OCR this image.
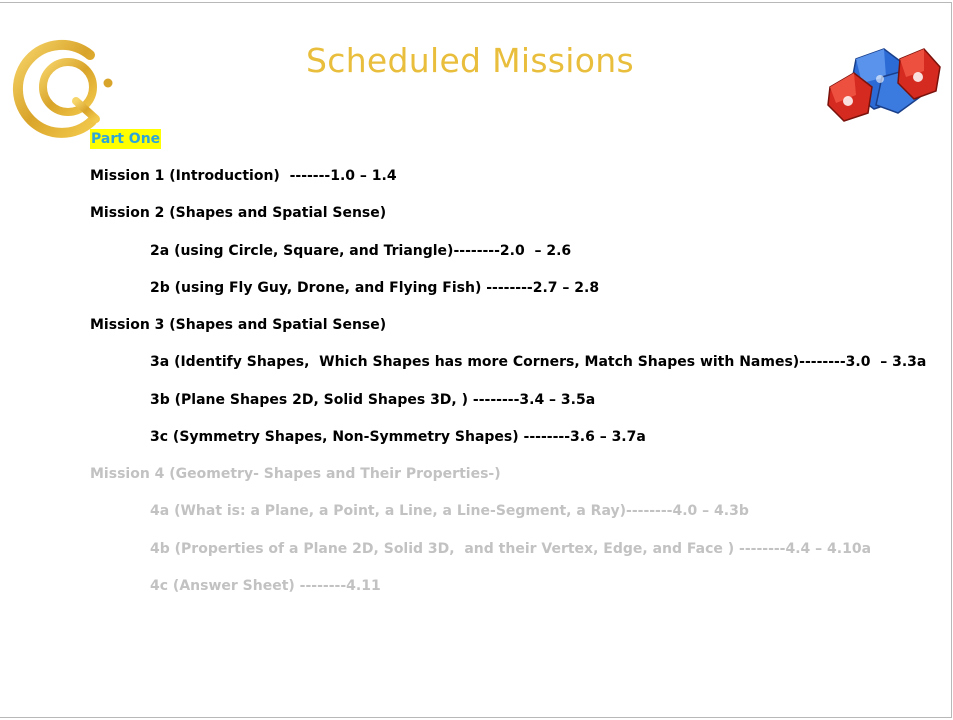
Scheduled Missions
Part One
Mission 1 (Introduction)  -------1.0 – 1.4
Mission 2 (Shapes and Spatial Sense)
2a (using Circle, Square, and Triangle)--------2.0  – 2.6
2b (using Fly Guy, Drone, and Flying Fish) --------2.7 – 2.8
Mission 3 (Shapes and Spatial Sense)
3a (Identify Shapes,  Which Shapes has more Corners, Match Shapes with Names)--------3.0  – 3.3a
3b (Plane Shapes 2D, Solid Shapes 3D, ) --------3.4 – 3.5a
3c (Symmetry Shapes, Non-Symmetry Shapes) --------3.6 – 3.7a
Mission 4 (Geometry- Shapes and Their Properties-)
4a (What is: a Plane, a Point, a Line, a Line-Segment, a Ray)--------4.0 – 4.3b
4b (Properties of a Plane 2D, Solid 3D,  and their Vertex, Edge, and Face ) --------4.4 – 4.10a
4c (Answer Sheet) --------4.11
